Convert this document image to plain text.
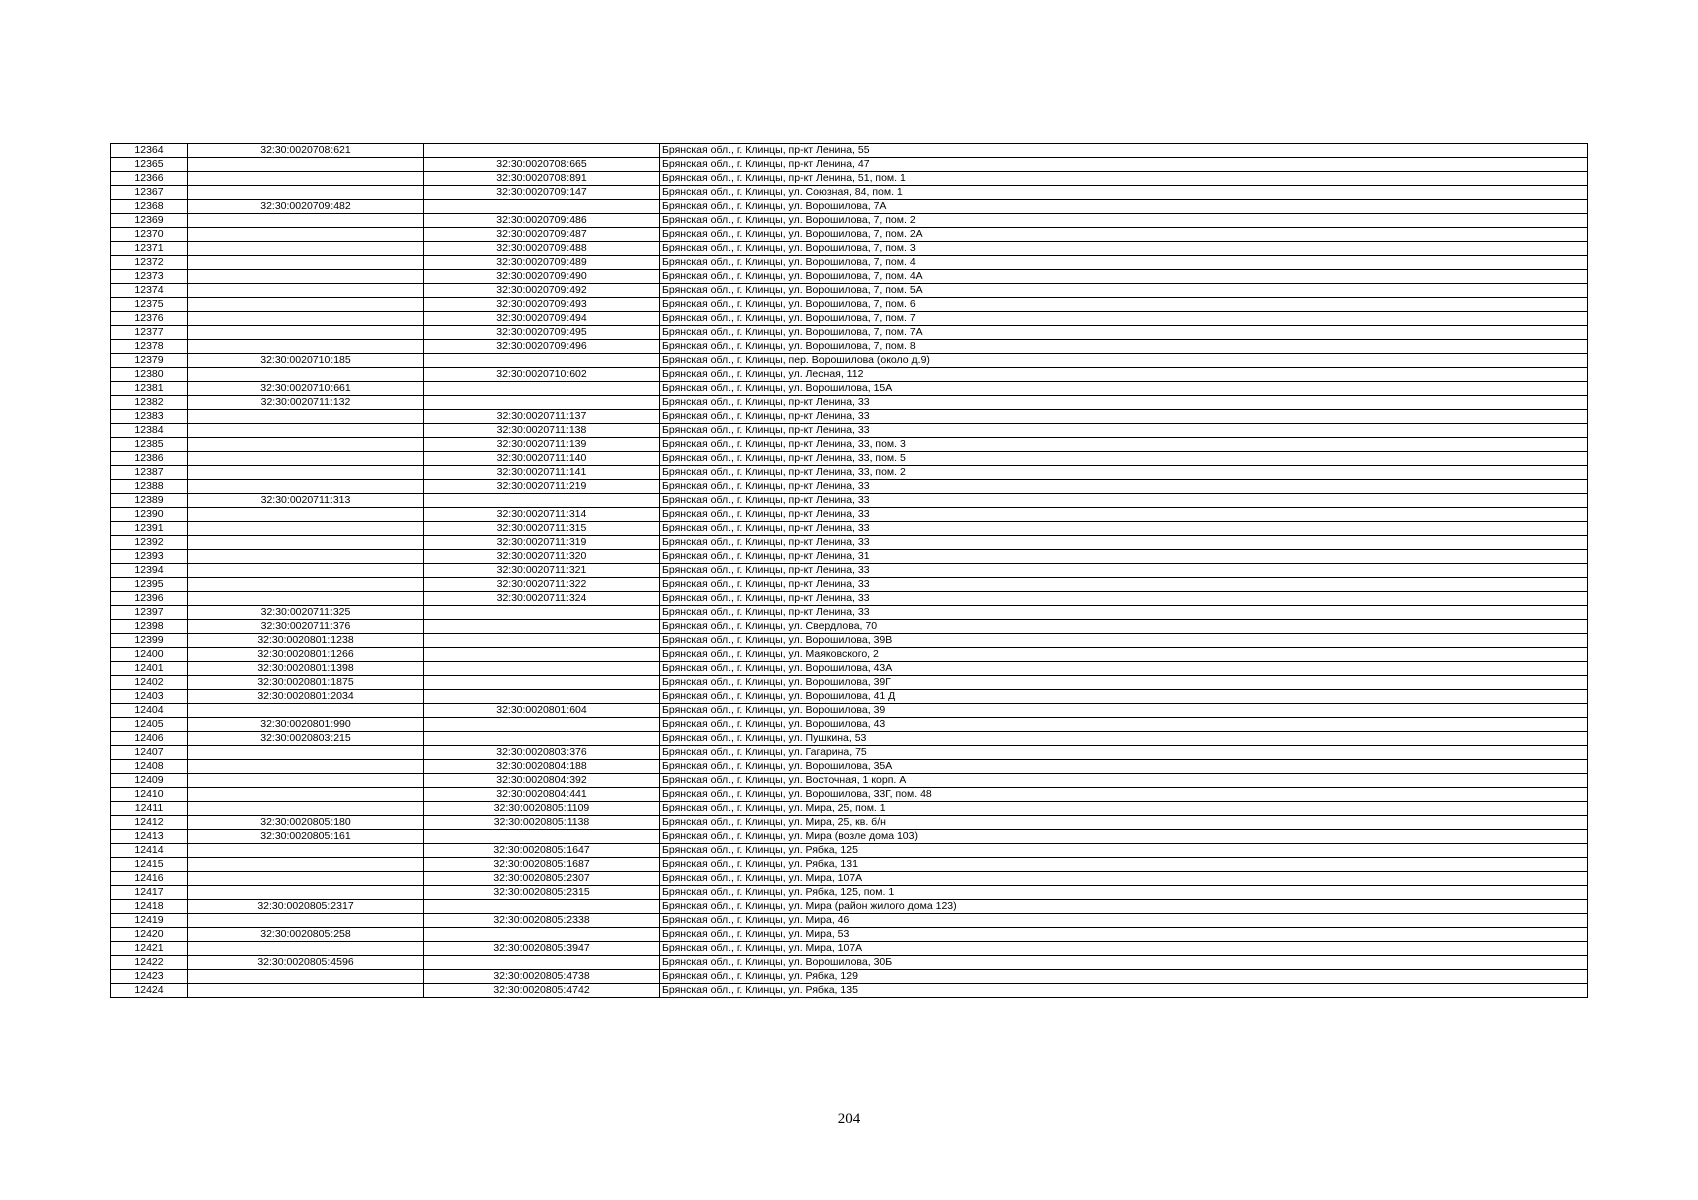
12364	32:30:0020708:621		Брянская обл., г. Клинцы, пр-кт Ленина, 55
12365		32:30:0020708:665	Брянская обл., г. Клинцы, пр-кт Ленина, 47
12366		32:30:0020708:891	Брянская обл., г. Клинцы, пр-кт Ленина, 51, пом. 1
12367		32:30:0020709:147	Брянская обл., г. Клинцы, ул. Союзная, 84, пом. 1
12368	32:30:0020709:482		Брянская обл., г. Клинцы, ул. Ворошилова, 7А
12369		32:30:0020709:486	Брянская обл., г. Клинцы, ул. Ворошилова, 7, пом. 2
12370		32:30:0020709:487	Брянская обл., г. Клинцы, ул. Ворошилова, 7, пом. 2А
12371		32:30:0020709:488	Брянская обл., г. Клинцы, ул. Ворошилова, 7, пом. 3
12372		32:30:0020709:489	Брянская обл., г. Клинцы, ул. Ворошилова, 7, пом. 4
12373		32:30:0020709:490	Брянская обл., г. Клинцы, ул. Ворошилова, 7, пом. 4А
12374		32:30:0020709:492	Брянская обл., г. Клинцы, ул. Ворошилова, 7, пом. 5А
12375		32:30:0020709:493	Брянская обл., г. Клинцы, ул. Ворошилова, 7, пом. 6
12376		32:30:0020709:494	Брянская обл., г. Клинцы, ул. Ворошилова, 7, пом. 7
12377		32:30:0020709:495	Брянская обл., г. Клинцы, ул. Ворошилова, 7, пом. 7А
12378		32:30:0020709:496	Брянская обл., г. Клинцы, ул. Ворошилова, 7, пом. 8
12379	32:30:0020710:185		Брянская обл., г. Клинцы, пер. Ворошилова (около д.9)
12380		32:30:0020710:602	Брянская обл., г. Клинцы, ул. Лесная, 112
12381	32:30:0020710:661		Брянская обл., г. Клинцы, ул. Ворошилова, 15А
12382	32:30:0020711:132		Брянская обл., г. Клинцы, пр-кт Ленина, 33
12383		32:30:0020711:137	Брянская обл., г. Клинцы, пр-кт Ленина, 33
12384		32:30:0020711:138	Брянская обл., г. Клинцы, пр-кт Ленина, 33
12385		32:30:0020711:139	Брянская обл., г. Клинцы, пр-кт Ленина, 33, пом. 3
12386		32:30:0020711:140	Брянская обл., г. Клинцы, пр-кт Ленина, 33, пом. 5
12387		32:30:0020711:141	Брянская обл., г. Клинцы, пр-кт Ленина, 33, пом. 2
12388		32:30:0020711:219	Брянская обл., г. Клинцы, пр-кт Ленина, 33
12389	32:30:0020711:313		Брянская обл., г. Клинцы, пр-кт Ленина, 33
12390		32:30:0020711:314	Брянская обл., г. Клинцы, пр-кт Ленина, 33
12391		32:30:0020711:315	Брянская обл., г. Клинцы, пр-кт Ленина, 33
12392		32:30:0020711:319	Брянская обл., г. Клинцы, пр-кт Ленина, 33
12393		32:30:0020711:320	Брянская обл., г. Клинцы, пр-кт Ленина, 31
12394		32:30:0020711:321	Брянская обл., г. Клинцы, пр-кт Ленина, 33
12395		32:30:0020711:322	Брянская обл., г. Клинцы, пр-кт Ленина, 33
12396		32:30:0020711:324	Брянская обл., г. Клинцы, пр-кт Ленина, 33
12397	32:30:0020711:325		Брянская обл., г. Клинцы, пр-кт Ленина, 33
12398	32:30:0020711:376		Брянская обл., г. Клинцы, ул. Свердлова, 70
12399	32:30:0020801:1238		Брянская обл., г. Клинцы, ул. Ворошилова, 39В
12400	32:30:0020801:1266		Брянская обл., г. Клинцы, ул. Маяковского, 2
12401	32:30:0020801:1398		Брянская обл., г. Клинцы, ул. Ворошилова, 43А
12402	32:30:0020801:1875		Брянская обл., г. Клинцы, ул. Ворошилова, 39Г
12403	32:30:0020801:2034		Брянская обл., г. Клинцы, ул. Ворошилова, 41 Д
12404		32:30:0020801:604	Брянская обл., г. Клинцы, ул. Ворошилова, 39
12405	32:30:0020801:990		Брянская обл., г. Клинцы, ул. Ворошилова, 43
12406	32:30:0020803:215		Брянская обл., г. Клинцы, ул. Пушкина, 53
12407		32:30:0020803:376	Брянская обл., г. Клинцы, ул. Гагарина, 75
12408		32:30:0020804:188	Брянская обл., г. Клинцы, ул. Ворошилова, 35А
12409		32:30:0020804:392	Брянская обл., г. Клинцы, ул. Восточная, 1 корп. А
12410		32:30:0020804:441	Брянская обл., г. Клинцы, ул. Ворошилова, 33Г, пом. 48
12411		32:30:0020805:1109	Брянская обл., г. Клинцы, ул. Мира, 25, пом. 1
12412	32:30:0020805:180	32:30:0020805:1138	Брянская обл., г. Клинцы, ул. Мира, 25, кв. б/н
12413	32:30:0020805:161		Брянская обл., г. Клинцы, ул. Мира (возле дома 103)
12414		32:30:0020805:1647	Брянская обл., г. Клинцы, ул. Рябка, 125
12415		32:30:0020805:1687	Брянская обл., г. Клинцы, ул. Рябка, 131
12416		32:30:0020805:2307	Брянская обл., г. Клинцы, ул. Мира, 107А
12417		32:30:0020805:2315	Брянская обл., г. Клинцы, ул. Рябка, 125, пом. 1
12418	32:30:0020805:2317		Брянская обл., г. Клинцы, ул. Мира (район жилого дома 123)
12419		32:30:0020805:2338	Брянская обл., г. Клинцы, ул. Мира, 46
12420	32:30:0020805:258		Брянская обл., г. Клинцы, ул. Мира, 53
12421		32:30:0020805:3947	Брянская обл., г. Клинцы, ул. Мира, 107А
12422	32:30:0020805:4596		Брянская обл., г. Клинцы, ул. Ворошилова, 30Б
12423		32:30:0020805:4738	Брянская обл., г. Клинцы, ул. Рябка, 129
12424		32:30:0020805:4742	Брянская обл., г. Клинцы, ул. Рябка, 135
204
